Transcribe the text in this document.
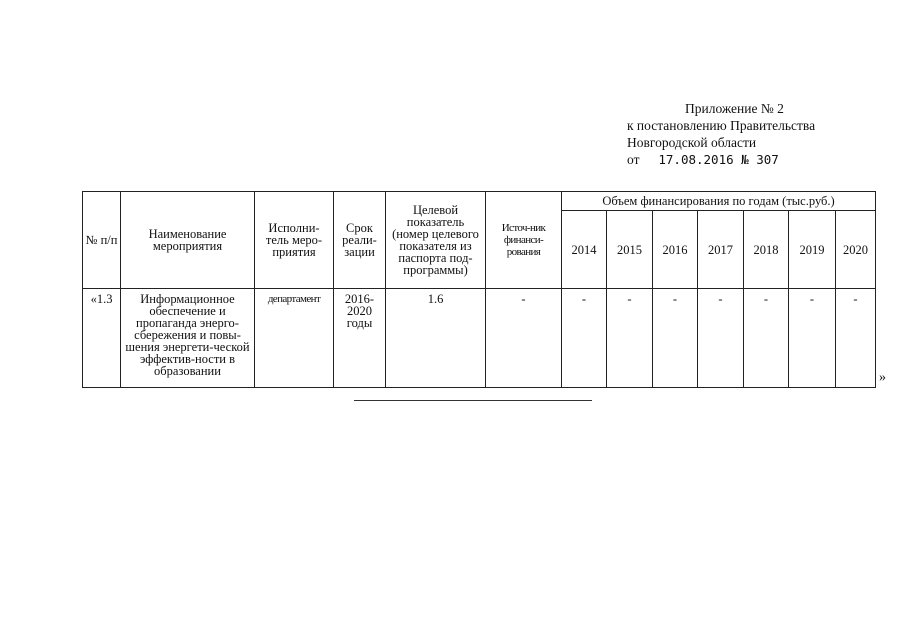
Приложение № 2
к постановлению Правительства
Новгородской области
от 17.08.2016 № 307
№ п/п	Наименование мероприятия	Исполни-тель меро-приятия	Срок реали-зации	Целевой показатель (номер целевого показателя из паспорта под-программы)	Источ-ник финанси-рования	Объем финансирования по годам (тыс.руб.)						
						2014	2015	2016	2017	2018	2019	2020
«1.3	Информационное обеспечение и пропаганда энерго-сбережения и повы-шения энергети-ческой эффектив-ности в образовании	департамент	2016-2020 годы	1.6	-	-	-	-	-	-	-	-
»
